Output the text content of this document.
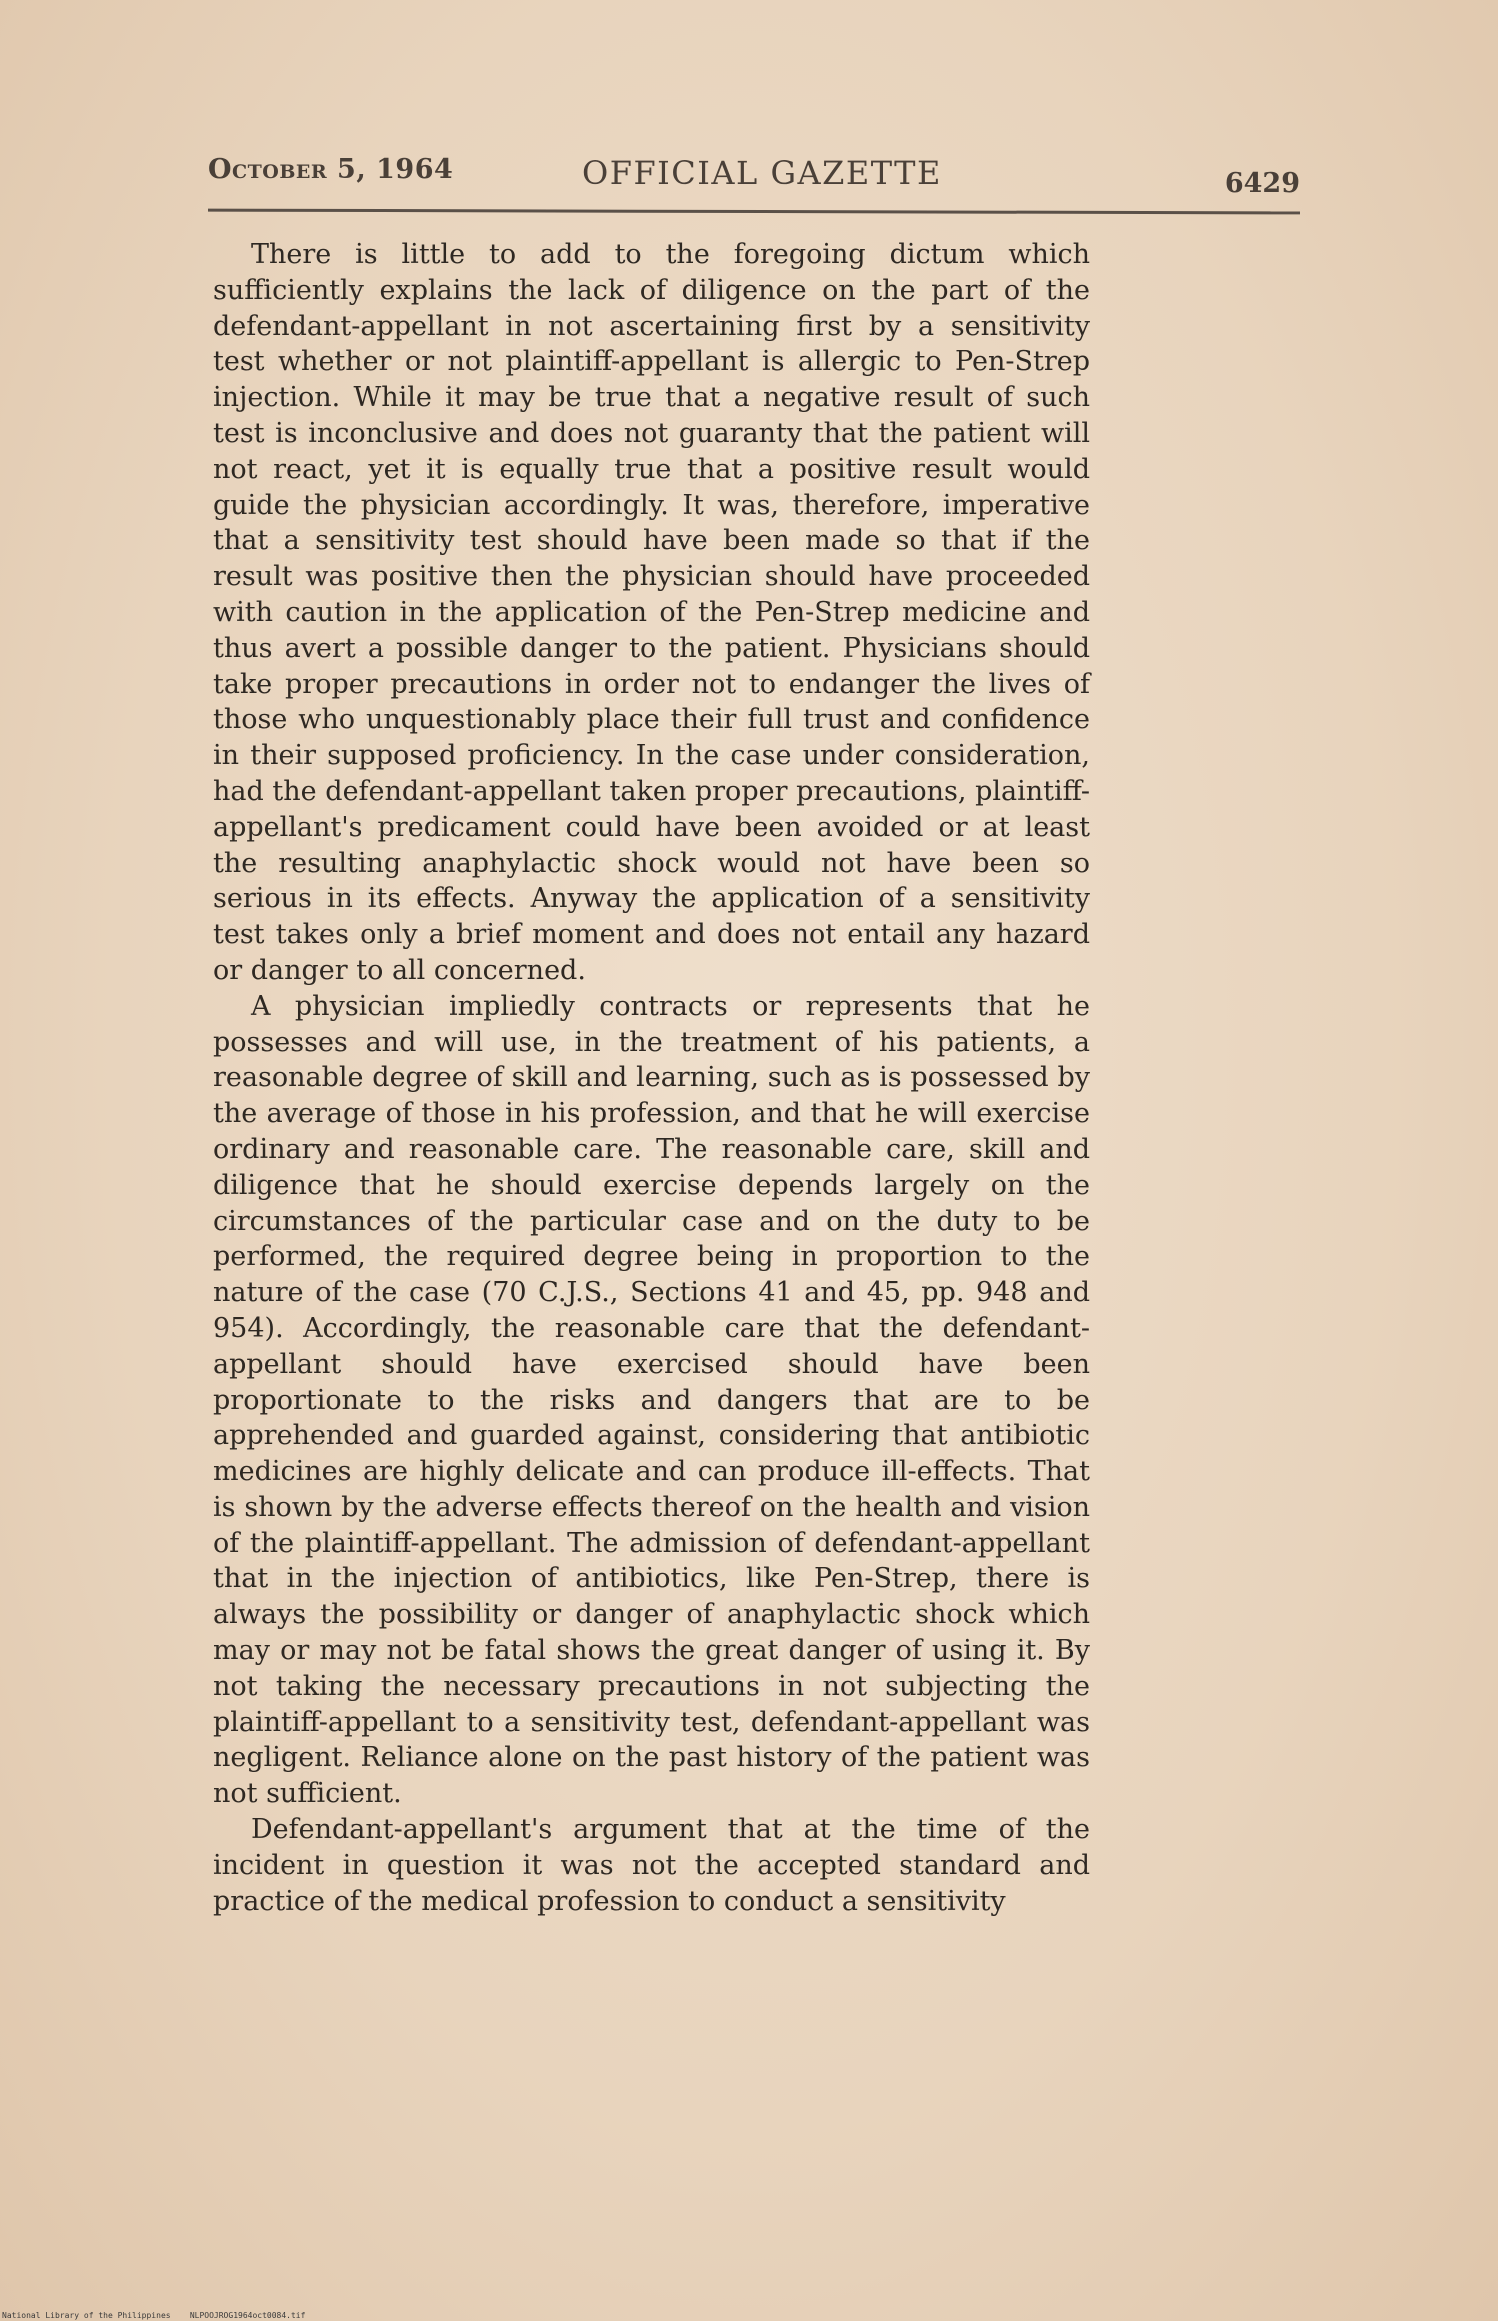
October 5, 1964	OFFICIAL GAZETTE	6429

There is little to add to the foregoing dictum which sufficiently explains the lack of diligence on the part of the defendant-appellant in not ascertaining first by a sensitivity test whether or not plaintiff-appellant is allergic to Pen-Strep injection. While it may be true that a negative result of such test is inconclusive and does not guaranty that the patient will not react, yet it is equally true that a positive result would guide the physician accordingly. It was, therefore, imperative that a sensitivity test should have been made so that if the result was positive then the physician should have proceeded with caution in the application of the Pen-Strep medicine and thus avert a possible danger to the patient. Physicians should take proper precautions in order not to endanger the lives of those who unquestionably place their full trust and confidence in their supposed proficiency. In the case under consideration, had the defendant-appellant taken proper precautions, plaintiff-appellant's predicament could have been avoided or at least the resulting anaphylactic shock would not have been so serious in its effects. Anyway the application of a sensitivity test takes only a brief moment and does not entail any hazard or danger to all concerned.

A physician impliedly contracts or represents that he possesses and will use, in the treatment of his patients, a reasonable degree of skill and learning, such as is possessed by the average of those in his profession, and that he will exercise ordinary and reasonable care. The reasonable care, skill and diligence that he should exercise depends largely on the circumstances of the particular case and on the duty to be performed, the required degree being in proportion to the nature of the case (70 C.J.S., Sections 41 and 45, pp. 948 and 954). Accordingly, the reasonable care that the defendant-appellant should have exercised should have been proportionate to the risks and dangers that are to be apprehended and guarded against, considering that antibiotic medicines are highly delicate and can produce ill-effects. That is shown by the adverse effects thereof on the health and vision of the plaintiff-appellant. The admission of defendant-appellant that in the injection of antibiotics, like Pen-Strep, there is always the possibility or danger of anaphylactic shock which may or may not be fatal shows the great danger of using it. By not taking the necessary precautions in not subjecting the plaintiff-appellant to a sensitivity test, defendant-appellant was negligent. Reliance alone on the past history of the patient was not sufficient.

Defendant-appellant's argument that at the time of the incident in question it was not the accepted standard and practice of the medical profession to conduct a sensitivity

National Library of the Philippines NLPOOJROG1964oct0084.tif
